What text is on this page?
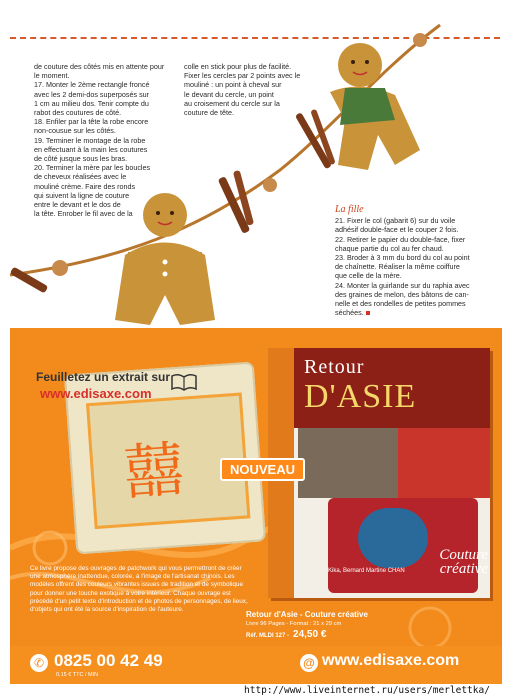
de couture des côtés mis en attente pour

le moment.

17. Monter le 2ème rectangle froncé

avec les 2 demi-dos superposés sur

1 cm au milieu dos. Tenir compte du

rabot des coutures de côté.

18. Enfiler par la tête la robe encore

non-cousue sur les côtés.

19. Terminer le montage de la robe

en effectuant à la main les coutures

de côté jusque sous les bras.

20. Terminer la mère par les boucles

de cheveux réalisées avec le

mouliné crème. Faire des ronds

qui suivent la ligne de couture

entre le devant et le dos de

la tête. Enrober le fil avec de la

colle en stick pour plus de facilité.

Fixer les cercles par 2 points avec le

mouliné : un point à cheval sur

le devant du cercle, un point

au croisement du cercle sur la

couture de tête.

La fille

21. Fixer le col (gabarit 6) sur du voile

adhésif double-face et le couper 2 fois.

22. Retirer le papier du double-face, fixer

chaque partie du col au fer chaud.

23. Broder à 3 mm du bord du col au point

de chaînette. Réaliser la même coiffure

que celle de la mère.

24. Monter la guirlande sur du raphia avec

des graines de melon, des bâtons de can-

nelle et des rondelles de petites pommes

séchées.

囍
Feuilletez un extrait sur
www.edisaxe.com
Retour
D'ASIE
Kika, Bernard Martine CHAN
Couture créative
NOUVEAU
Ce livre propose des ouvrages de patchwork qui vous permettront de créer une atmosphère inattendue, colorée, à l'image de l'artisanat chinois. Les modèles offrent des couleurs vibrantes issues de tradition et de symbolique pour donner une touche exotique à votre intérieur. Chaque ouvrage est précédé d'un petit texte d'introduction et de photos de personnages, de lieux, d'objets qui ont été la source d'inspiration de l'auteure.
Retour d'Asie - Couture créative
Livre 96 Pages - Format : 21 x 29 cm
Réf. MLDI 127 - 24,50 €
✆ 0825 00 42 49
0,15 € TTC / MIN
@ www.edisaxe.com
http://www.liveinternet.ru/users/merlettka/
